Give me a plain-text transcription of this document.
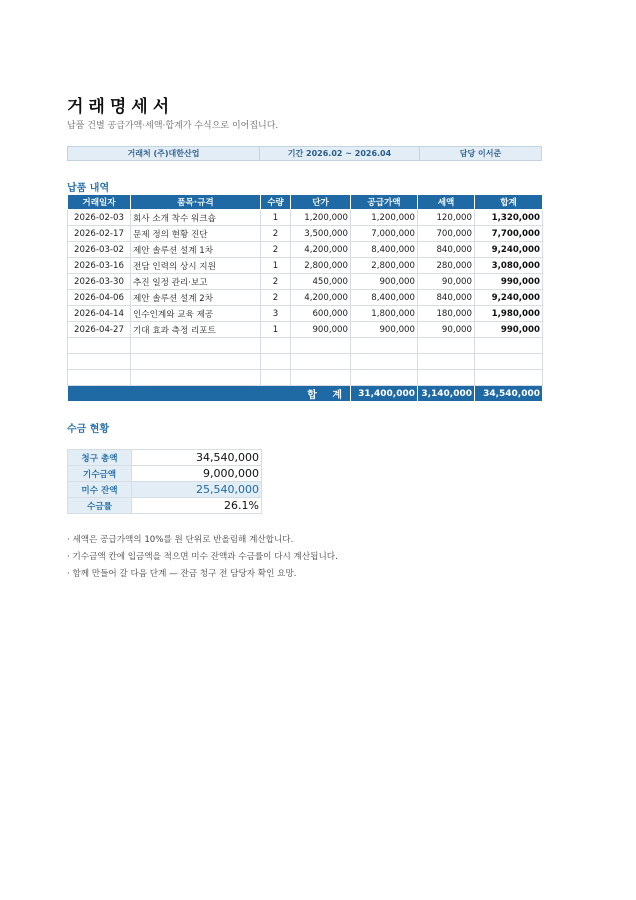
거래명세서
납품 건별 공급가액·세액·합계가 수식으로 이어집니다.
거래처 (주)대한산업	기간 2026.02 ~ 2026.04	담당 이서준
납품 내역
거래일자	품목·규격	수량	단가	공급가액	세액	합계
2026-02-03	회사 소개 착수 워크숍	1	1,200,000	1,200,000	120,000	1,320,000
2026-02-17	문제 정의 현황 진단	2	3,500,000	7,000,000	700,000	7,700,000
2026-03-02	제안 솔루션 설계 1차	2	4,200,000	8,400,000	840,000	9,240,000
2026-03-16	전담 인력의 상시 지원	1	2,800,000	2,800,000	280,000	3,080,000
2026-03-30	추진 일정 관리·보고	2	450,000	900,000	90,000	990,000
2026-04-06	제안 솔루션 설계 2차	2	4,200,000	8,400,000	840,000	9,240,000
2026-04-14	인수인계와 교육 제공	3	600,000	1,800,000	180,000	1,980,000
2026-04-27	기대 효과 측정 리포트	1	900,000	900,000	90,000	990,000

합 계				31,400,000	3,140,000	34,540,000
수금 현황
청구 총액	34,540,000
기수금액	9,000,000
미수 잔액	25,540,000
수금률	26.1%
· 세액은 공급가액의 10%를 원 단위로 반올림해 계산합니다.
· 기수금액 칸에 입금액을 적으면 미수 잔액과 수금률이 다시 계산됩니다.
· 함께 만들어 갈 다음 단계 — 잔금 청구 전 담당자 확인 요망.
